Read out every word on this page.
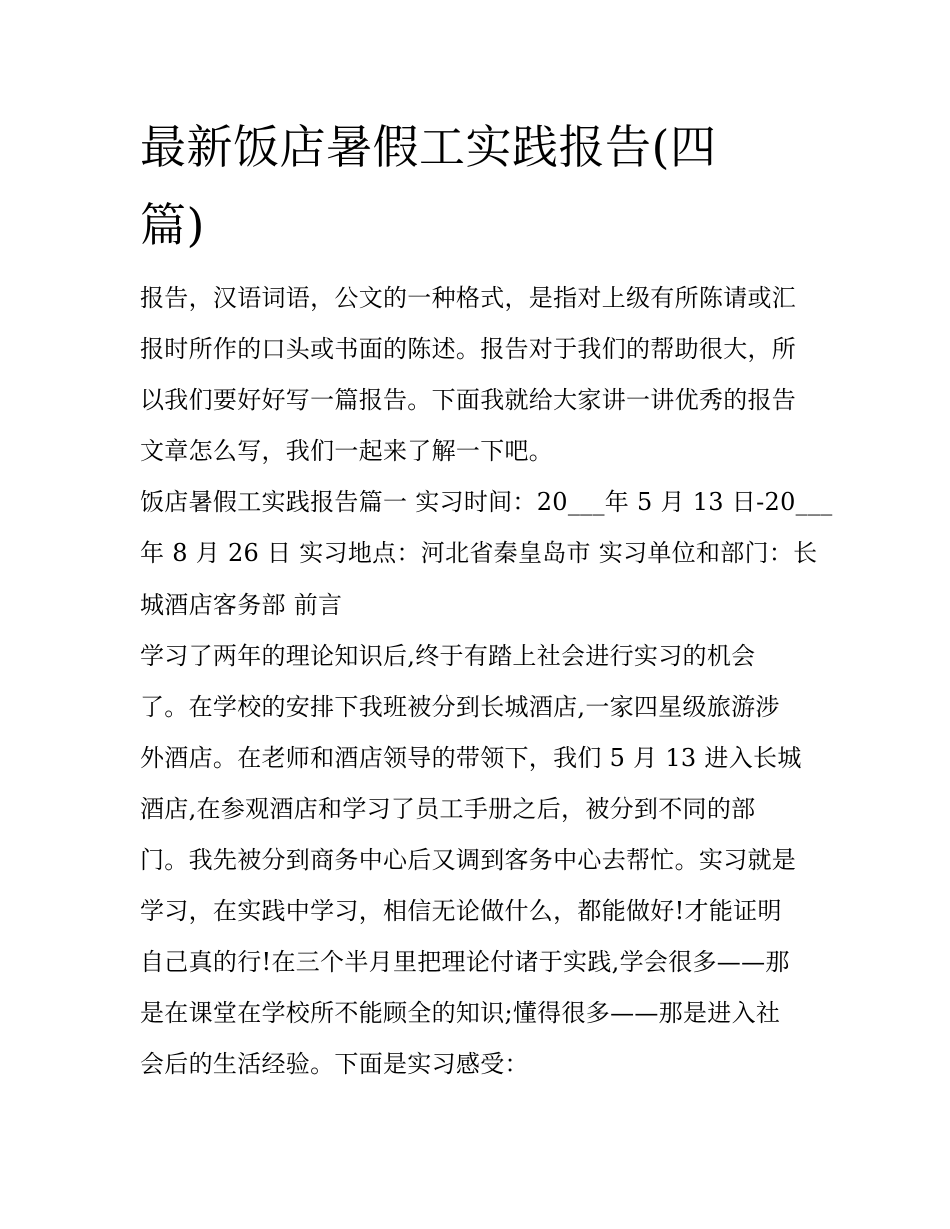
最新饭店暑假工实践报告(四
篇)

报告，汉语词语，公文的一种格式，是指对上级有所陈请或汇

报时所作的口头或书面的陈述。报告对于我们的帮助很大，所

以我们要好好写一篇报告。下面我就给大家讲一讲优秀的报告

文章怎么写，我们一起来了解一下吧。

饭店暑假工实践报告篇一 实习时间：20___年 5 月 13 日-20___

年 8 月 26 日 实习地点：河北省秦皇岛市 实习单位和部门：长

城酒店客务部 前言

学习了两年的理论知识后,终于有踏上社会进行实习的机会

了。在学校的安排下我班被分到长城酒店,一家四星级旅游涉

外酒店。在老师和酒店领导的带领下，我们 5 月 13 进入长城

酒店,在参观酒店和学习了员工手册之后，被分到不同的部

门。我先被分到商务中心后又调到客务中心去帮忙。实习就是

学习，在实践中学习，相信无论做什么，都能做好!才能证明

自己真的行!在三个半月里把理论付诸于实践,学会很多——那

是在课堂在学校所不能顾全的知识;懂得很多——那是进入社

会后的生活经验。下面是实习感受：
